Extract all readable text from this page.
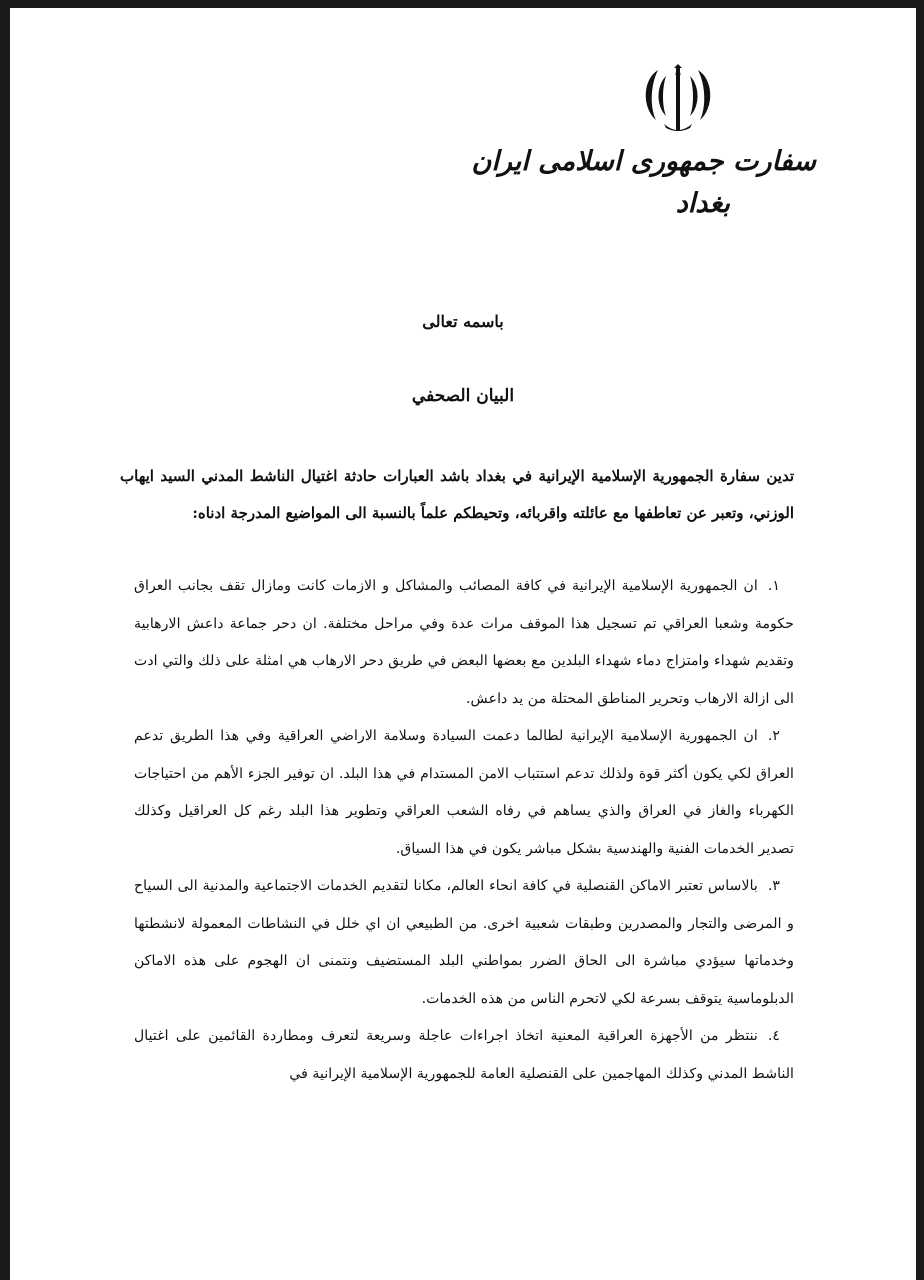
سفارت جمهوری اسلامی ایران
بغداد
باسمه تعالى
البيان الصحفي
تدين سفارة الجمهورية الإسلامية الإيرانية في بغداد باشد العبارات حادثة اغتيال الناشط المدني السيد ايهاب الوزني، وتعبر عن تعاطفها مع عائلته واقربائه، وتحيطكم علماً بالنسبة الى المواضيع المدرجة ادناه:

١.ان الجمهورية الإسلامية الإيرانية في كافة المصائب والمشاكل و الازمات كانت ومازال تقف بجانب العراق حكومة وشعبا العراقي تم تسجيل هذا الموقف مرات عدة وفي مراحل مختلفة. ان دحر جماعة داعش الارهابية وتقديم شهداء وامتزاج دماء شهداء البلدين مع بعضها البعض في طريق دحر الارهاب هي امثلة على ذلك والتي ادت الى ازالة الارهاب وتحرير المناطق المحتلة من يد داعش.

٢.ان الجمهورية الإسلامية الإيرانية لطالما دعمت السيادة وسلامة الاراضي العراقية وفي هذا الطريق تدعم العراق لكي يكون أكثر قوة ولذلك تدعم استتباب الامن المستدام في هذا البلد. ان توفير الجزء الأهم من احتياجات الكهرباء والغاز في العراق والذي يساهم في رفاه الشعب العراقي وتطوير هذا البلد رغم كل العراقيل وكذلك تصدير الخدمات الفنية والهندسية بشكل مباشر يكون في هذا السياق.

٣.بالاساس تعتبر الاماكن القنصلية في كافة انحاء العالم، مكانا لتقديم الخدمات الاجتماعية والمدنية الى السياح و المرضى والتجار والمصدرين وطبقات شعبية اخرى. من الطبيعي ان اي خلل في النشاطات المعمولة لانشطتها وخدماتها سيؤدي مباشرة الى الحاق الضرر بمواطني البلد المستضيف ونتمنى ان الهجوم على هذه الاماكن الدبلوماسية يتوقف بسرعة لكي لاتحرم الناس من هذه الخدمات.

٤.ننتظر من الأجهزة العراقية المعنية اتخاذ اجراءات عاجلة وسريعة لتعرف ومطاردة القائمين على اغتيال الناشط المدني وكذلك المهاجمين على القنصلية العامة للجمهورية الإسلامية الإيرانية في
